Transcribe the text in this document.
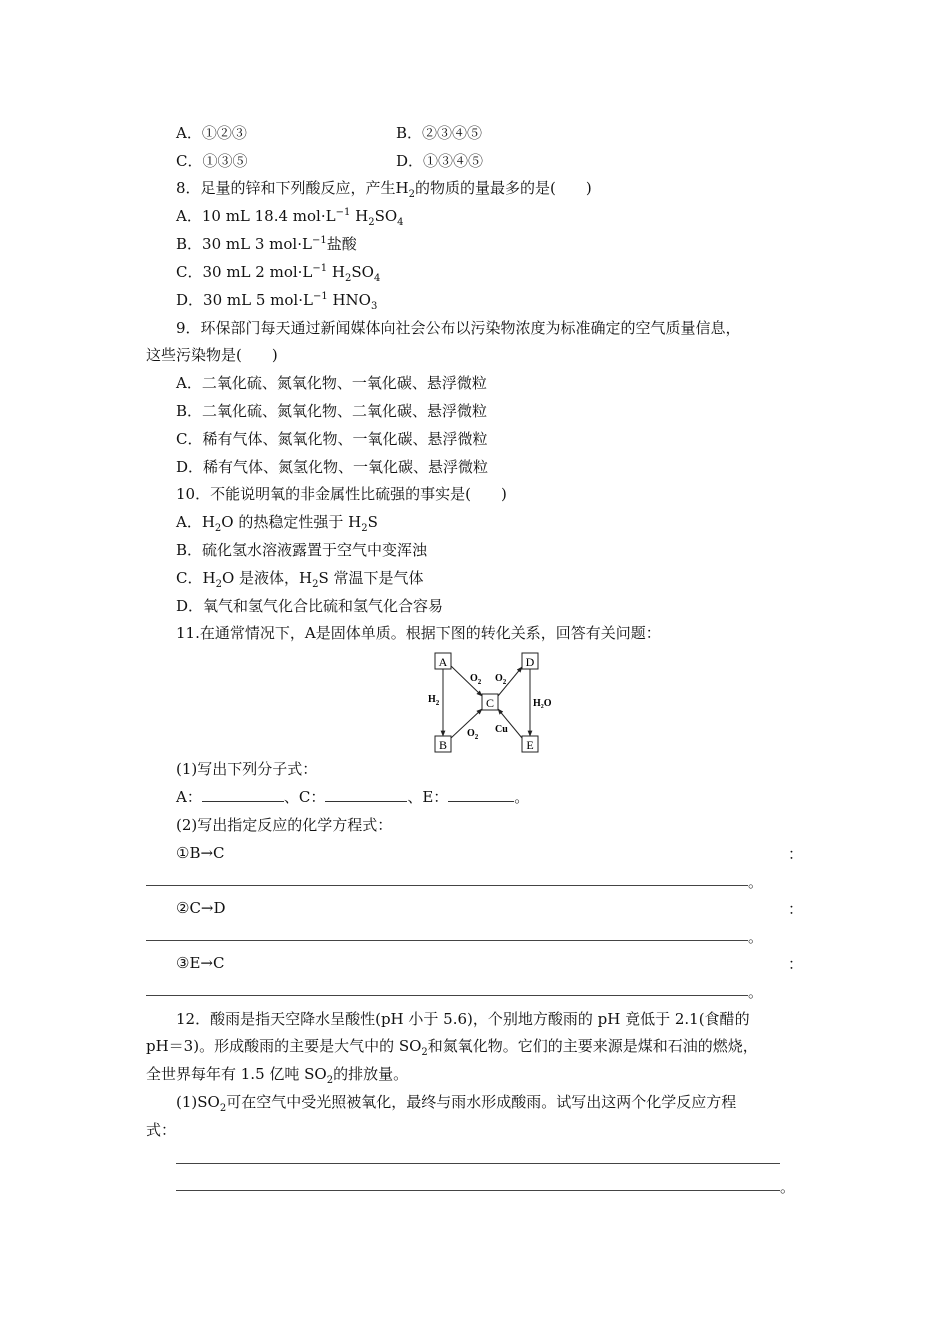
A．①②③	B．②③④⑤
C．①③⑤	D．①③④⑤
8．足量的锌和下列酸反应，产生$H_2$的物质的量最多的是(　　)
A．10 mL 18.4 $mol\cdot L^{-1}$ $H_2SO_4$
B．30 mL 3 $mol\cdot L^{-1}$盐酸
C．30 mL 2 $mol\cdot L^{-1}$ $H_2SO_4$
D．30 mL 5 $mol\cdot L^{-1}$ $HNO_3$
9．环保部门每天通过新闻媒体向社会公布以污染物浓度为标准确定的空气质量信息，
这些污染物是(　　)
A．二氧化硫、氮氧化物、一氧化碳、悬浮微粒
B．二氧化硫、氮氧化物、二氧化碳、悬浮微粒
C．稀有气体、氮氧化物、一氧化碳、悬浮微粒
D．稀有气体、氮氢化物、一氧化碳、悬浮微粒
10．不能说明氧的非金属性比硫强的事实是(　　)
A．$H_2O$ 的热稳定性强于 $H_2S$
B．硫化氢水溶液露置于空气中变浑浊
C．$H_2O$ 是液体，$H_2S$ 常温下是气体
D．氧气和氢气化合比硫和氢气化合容易
11.在通常情况下，A是固体单质。根据下图的转化关系，回答有关问题：
A	D
C
B	E
$O_2$ $O_2$
$H_2$
$O_2$
H₂O
Cu
(1)写出下列分子式：
A：	、C：	、E：	。
(2)写出指定反应的化学方程式：
①B→C	：
。
②C→D	：
。
③E→C	：
。
12．酸雨是指天空降水呈酸性(pH 小于 5.6)，个别地方酸雨的 pH 竟低于 2.1(食醋的
pH＝3)。形成酸雨的主要是大气中的 $SO_2$和氮氧化物。它们的主要来源是煤和石油的燃烧，
全世界每年有 1.5 亿吨 $SO_2$的排放量。
$(1)SO_2$可在空气中受光照被氧化，最终与雨水形成酸雨。试写出这两个化学反应方程
式：
。
